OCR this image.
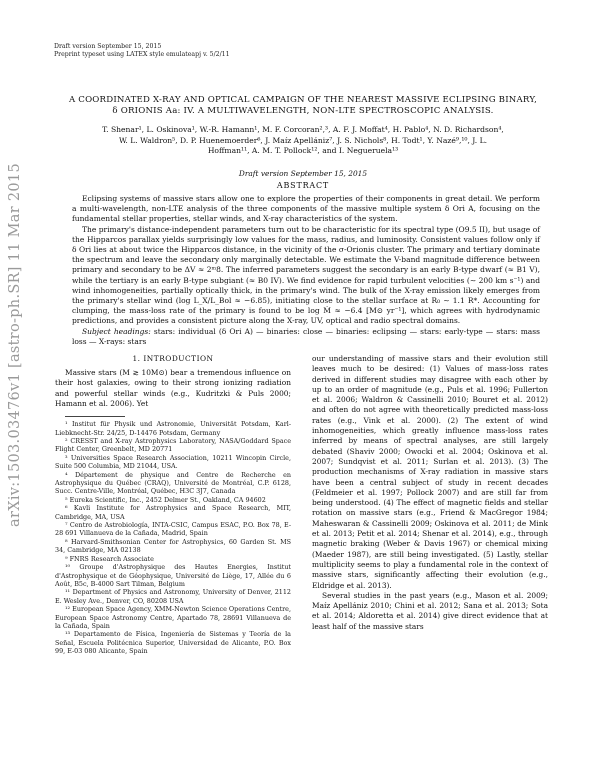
arXiv:1503.03476v1 [astro-ph.SR] 11 Mar 2015
Draft version September 15, 2015
Preprint typeset using LATEX style emulateapj v. 5/2/11
A COORDINATED X-RAY AND OPTICAL CAMPAIGN OF THE NEAREST MASSIVE ECLIPSING BINARY,
δ ORIONIS Aa: IV. A MULTIWAVELENGTH, NON-LTE SPECTROSCOPIC ANALYSIS.
T. Shenar¹, L. Oskinova¹, W.-R. Hamann¹, M. F. Corcoran²,³, A. F. J. Moffat⁴, H. Pablo⁴, N. D. Richardson⁴,
W. L. Waldron⁵, D. P. Huenemoerder⁶, J. Maíz Apellániz⁷, J. S. Nichols⁸, H. Todt¹, Y. Nazé⁹,¹⁰, J. L.
Hoffman¹¹, A. M. T. Pollock¹², and I. Negueruela¹³
Draft version September 15, 2015
ABSTRACT

Eclipsing systems of massive stars allow one to explore the properties of their components in great detail. We perform a multi-wavelength, non-LTE analysis of the three components of the massive multiple system δ Ori A, focusing on the fundamental stellar properties, stellar winds, and X-ray characteristics of the system.

The primary's distance-independent parameters turn out to be characteristic for its spectral type (O9.5 II), but usage of the Hipparcos parallax yields surprisingly low values for the mass, radius, and luminosity. Consistent values follow only if δ Ori lies at about twice the Hipparcos distance, in the vicinity of the σ-Orionis cluster. The primary and tertiary dominate the spectrum and leave the secondary only marginally detectable. We estimate the V-band magnitude difference between primary and secondary to be ΔV ≈ 2ᵐ8. The inferred parameters suggest the secondary is an early B-type dwarf (≈ B1 V), while the tertiary is an early B-type subgiant (≈ B0 IV). We find evidence for rapid turbulent velocities (∼ 200 km s⁻¹) and wind inhomogeneities, partially optically thick, in the primary's wind. The bulk of the X-ray emission likely emerges from the primary's stellar wind (log L_X/L_Bol ≈ −6.85), initiating close to the stellar surface at R₀ ∼ 1.1 R*. Accounting for clumping, the mass-loss rate of the primary is found to be log Ṁ ≈ −6.4 [M⊙ yr⁻¹], which agrees with hydrodynamic predictions, and provides a consistent picture along the X-ray, UV, optical and radio spectral domains.

Subject headings: stars: individual (δ Ori A) — binaries: close — binaries: eclipsing — stars: early-type — stars: mass loss — X-rays: stars

1. INTRODUCTION

Massive stars (M ≳ 10M⊙) bear a tremendous influence on their host galaxies, owing to their strong ionizing radiation and powerful stellar winds (e.g., Kudritzki & Puls 2000; Hamann et al. 2006). Yet

¹ Institut für Physik und Astronomie, Universität Potsdam, Karl-Liebknecht-Str. 24/25, D-14476 Potsdam, Germany

² CRESST and X-ray Astrophysics Laboratory, NASA/Goddard Space Flight Center, Greenbelt, MD 20771

³ Universities Space Research Association, 10211 Wincopin Circle, Suite 500 Columbia, MD 21044, USA.

⁴ Département de physique and Centre de Recherche en Astrophysique du Québec (CRAQ), Université de Montréal, C.P. 6128, Succ. Centre-Ville, Montréal, Québec, H3C 3J7, Canada

⁵ Eureka Scientific, Inc., 2452 Delmer St., Oakland, CA 94602

⁶ Kavli Institute for Astrophysics and Space Research, MIT, Cambridge, MA, USA

⁷ Centro de Astrobiología, INTA-CSIC, Campus ESAC, P.O. Box 78, E-28 691 Villanueva de la Cañada, Madrid, Spain

⁸ Harvard-Smithsonian Center for Astrophysics, 60 Garden St. MS 34, Cambridge, MA 02138

⁹ FNRS Research Associate

¹⁰ Groupe d'Astrophysique des Hautes Energies, Institut d'Astrophysique et de Géophysique, Université de Liège, 17, Allée du 6 Août, B5c, B-4000 Sart Tilman, Belgium

¹¹ Department of Physics and Astronomy, University of Denver, 2112 E. Wesley Ave., Denver, CO, 80208 USA

¹² European Space Agency, XMM-Newton Science Operations Centre, European Space Astronomy Centre, Apartado 78, 28691 Villanueva de la Cañada, Spain

¹³ Departamento de Física, Ingeniería de Sistemas y Teoría de la Señal, Escuela Politécnica Superior, Universidad de Alicante, P.O. Box 99, E-03 080 Alicante, Spain

our understanding of massive stars and their evolution still leaves much to be desired: (1) Values of mass-loss rates derived in different studies may disagree with each other by up to an order of magnitude (e.g., Puls et al. 1996; Fullerton et al. 2006; Waldron & Cassinelli 2010; Bouret et al. 2012) and often do not agree with theoretically predicted mass-loss rates (e.g., Vink et al. 2000). (2) The extent of wind inhomogeneities, which greatly influence mass-loss rates inferred by means of spectral analyses, are still largely debated (Shaviv 2000; Owocki et al. 2004; Oskinova et al. 2007; Sundqvist et al. 2011; Surlan et al. 2013). (3) The production mechanisms of X-ray radiation in massive stars have been a central subject of study in recent decades (Feldmeier et al. 1997; Pollock 2007) and are still far from being understood. (4) The effect of magnetic fields and stellar rotation on massive stars (e.g., Friend & MacGregor 1984; Maheswaran & Cassinelli 2009; Oskinova et al. 2011; de Mink et al. 2013; Petit et al. 2014; Shenar et al. 2014), e.g., through magnetic braking (Weber & Davis 1967) or chemical mixing (Maeder 1987), are still being investigated. (5) Lastly, stellar multiplicity seems to play a fundamental role in the context of massive stars, significantly affecting their evolution (e.g., Eldridge et al. 2013).

Several studies in the past years (e.g., Mason et al. 2009; Maíz Apellániz 2010; Chini et al. 2012; Sana et al. 2013; Sota et al. 2014; Aldoretta et al. 2014) give direct evidence that at least half of the massive stars
